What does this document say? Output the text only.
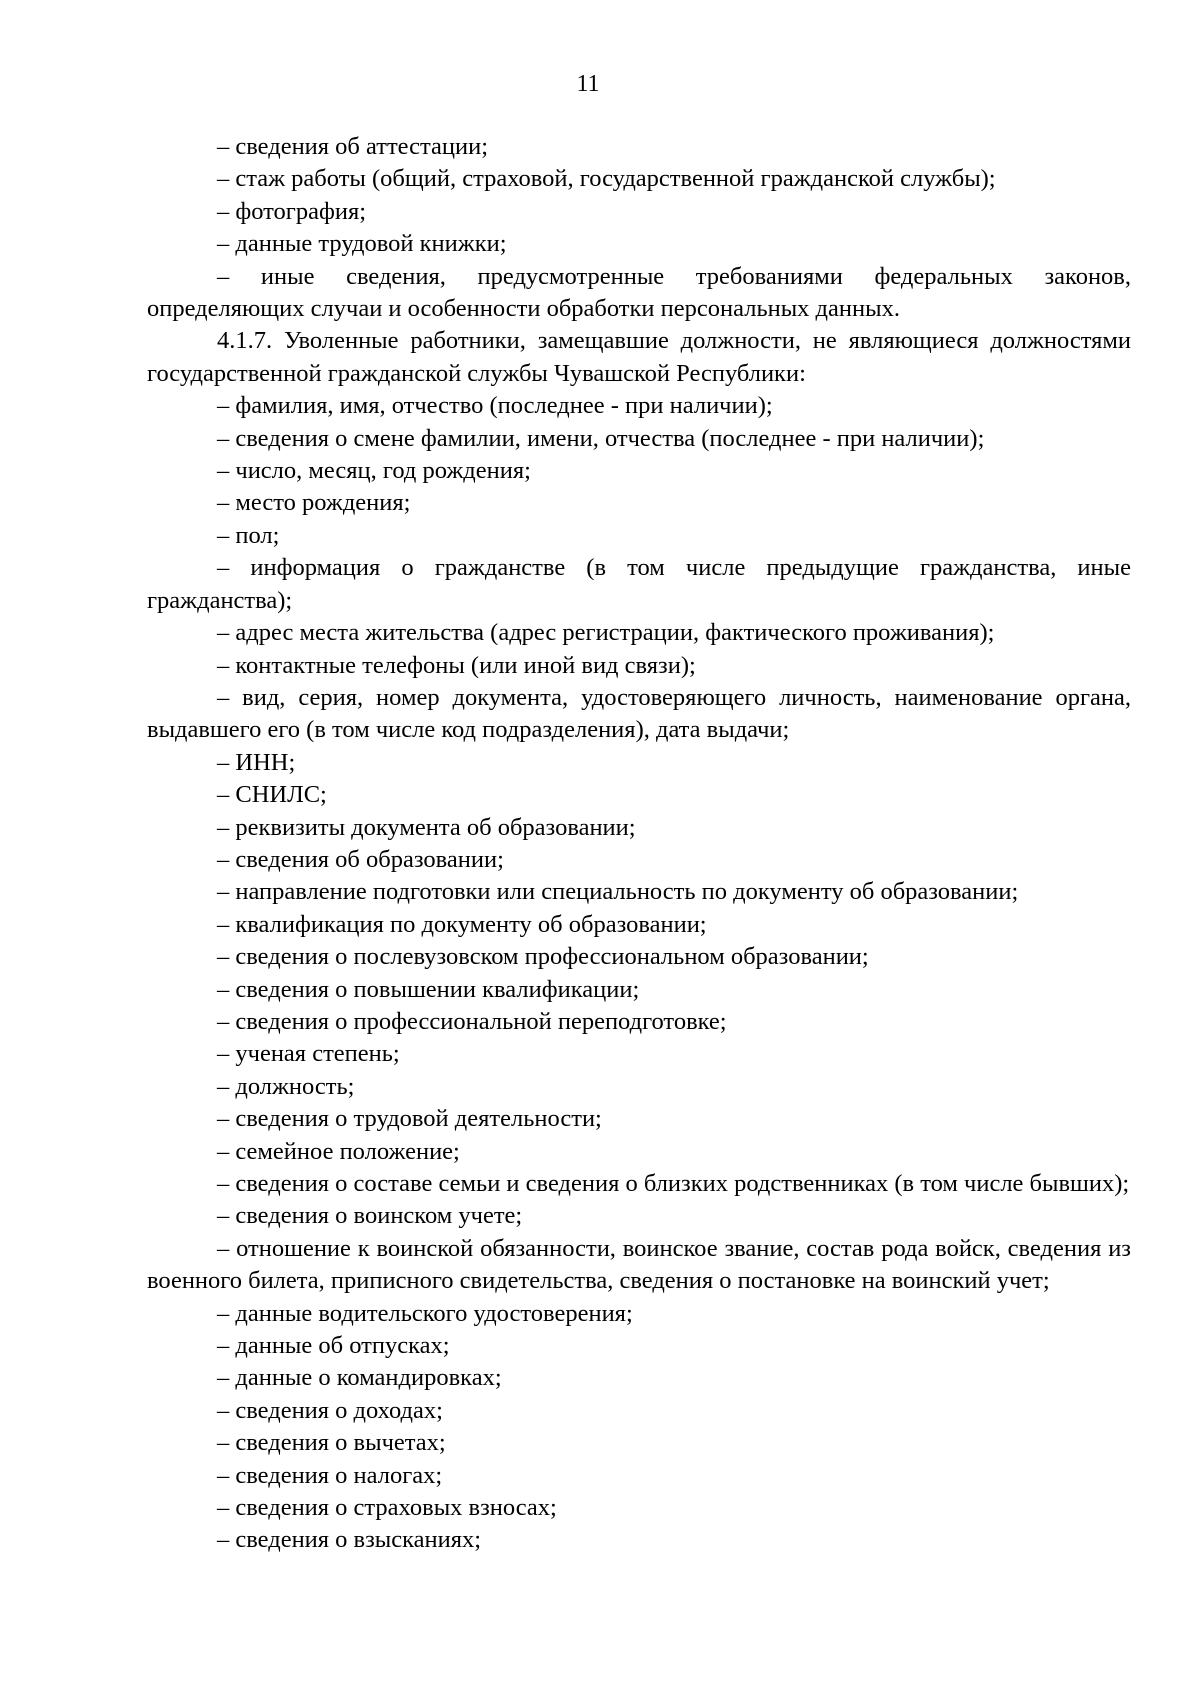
11

– сведения об аттестации;

– стаж работы (общий, страховой, государственной гражданской службы);

– фотография;

– данные трудовой книжки;

– иные сведения, предусмотренные требованиями федеральных законов, определяющих случаи и особенности обработки персональных данных.

4.1.7. Уволенные работники, замещавшие должности, не являющиеся должностями государственной гражданской службы Чувашской Республики:

– фамилия, имя, отчество (последнее - при наличии);

– сведения о смене фамилии, имени, отчества (последнее - при наличии);

– число, месяц, год рождения;

– место рождения;

– пол;

– информация о гражданстве (в том числе предыдущие гражданства, иные гражданства);

– адрес места жительства (адрес регистрации, фактического проживания);

– контактные телефоны (или иной вид связи);

– вид, серия, номер документа, удостоверяющего личность, наименование органа, выдавшего его (в том числе код подразделения), дата выдачи;

– ИНН;

– СНИЛС;

– реквизиты документа об образовании;

– сведения об образовании;

– направление подготовки или специальность по документу об образовании;

– квалификация по документу об образовании;

– сведения о послевузовском профессиональном образовании;

– сведения о повышении квалификации;

– сведения о профессиональной переподготовке;

– ученая степень;

– должность;

– сведения о трудовой деятельности;

– семейное положение;

– сведения о составе семьи и сведения о близких родственниках (в том числе бывших);

– сведения о воинском учете;

– отношение к воинской обязанности, воинское звание, состав рода войск, сведения из военного билета, приписного свидетельства, сведения о постановке на воинский учет;

– данные водительского удостоверения;

– данные об отпусках;

– данные о командировках;

– сведения о доходах;

– сведения о вычетах;

– сведения о налогах;

– сведения о страховых взносах;

– сведения о взысканиях;
